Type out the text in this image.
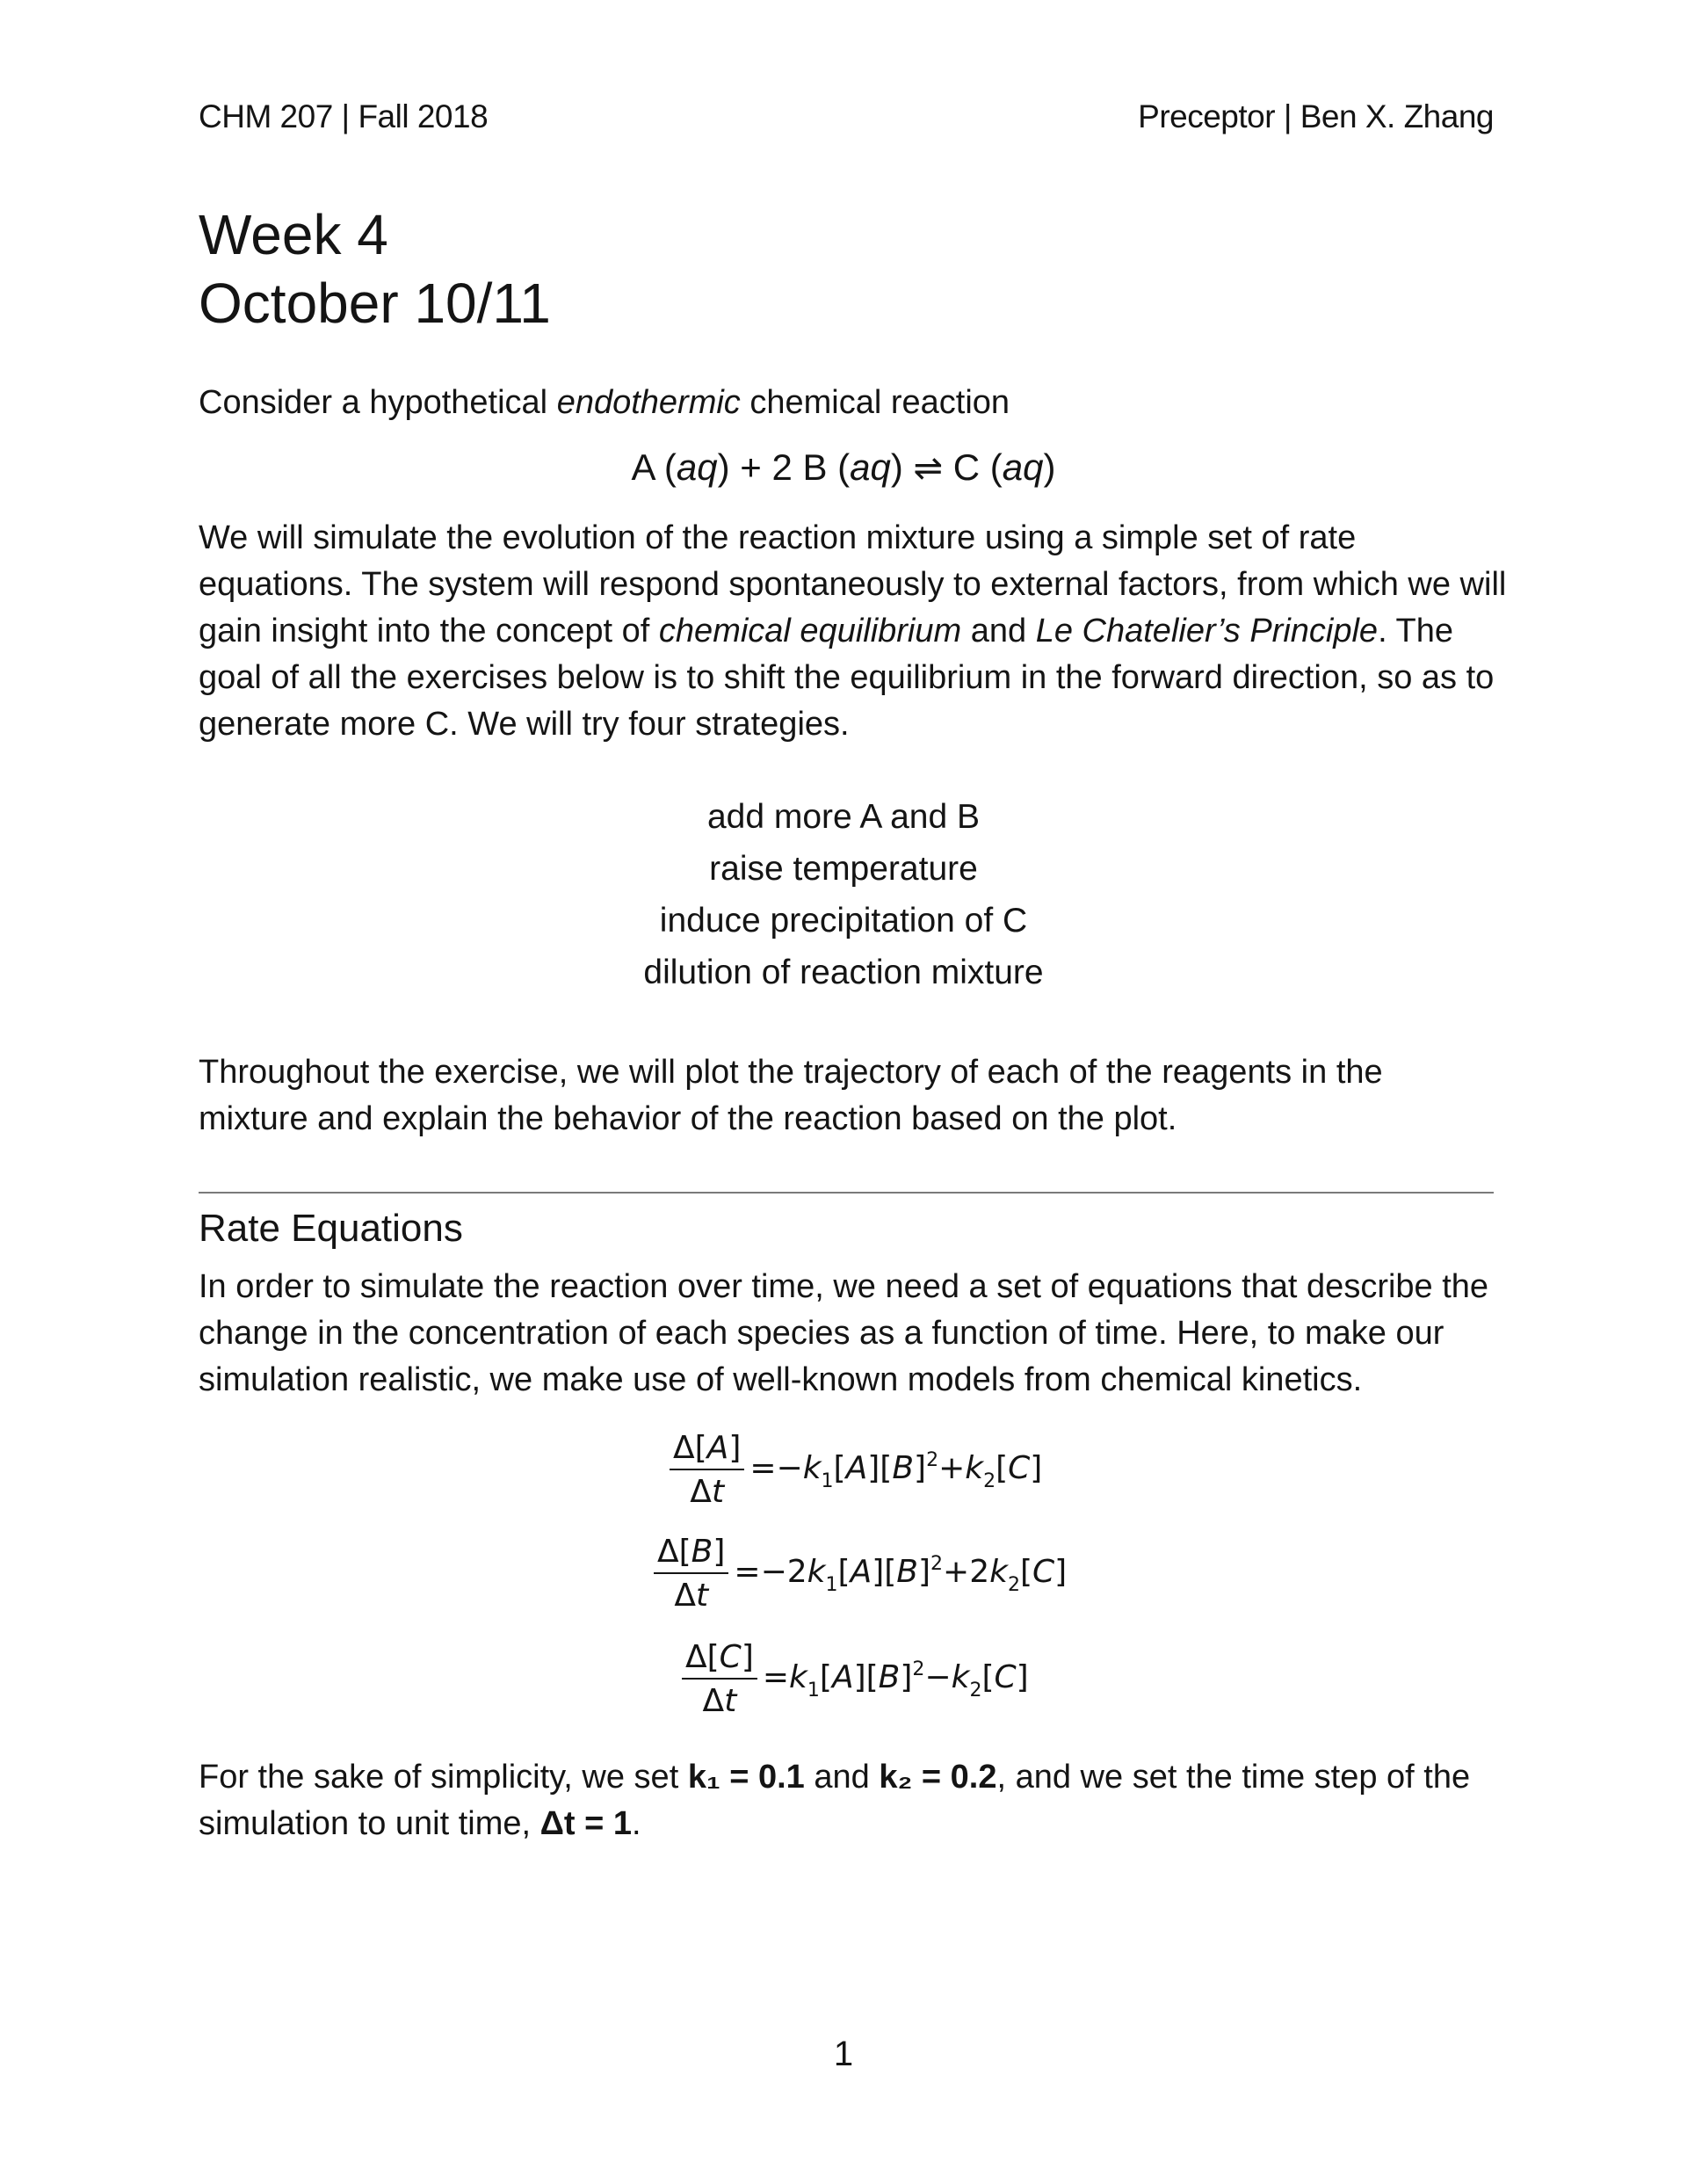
CHM 207 | Fall 2018	Preceptor | Ben X. Zhang
Week 4
October 10/11

Consider a hypothetical endothermic chemical reaction

A (aq) + 2 B (aq) ⇌ C (aq)

We will simulate the evolution of the reaction mixture using a simple set of rate equations. The system will respond spontaneously to external factors, from which we will gain insight into the concept of chemical equilibrium and Le Chatelier’s Principle. The goal of all the exercises below is to shift the equilibrium in the forward direction, so as to generate more C. We will try four strategies.

add more A and B
raise temperature
induce precipitation of C
dilution of reaction mixture

Throughout the exercise, we will plot the trajectory of each of the reagents in the mixture and explain the behavior of the reaction based on the plot.

Rate Equations

In order to simulate the reaction over time, we need a set of equations that describe the change in the concentration of each species as a function of time. Here, to make our simulation realistic, we make use of well-known models from chemical kinetics.

$\frac{\Delta[A]}{\Delta t} =-k_1[A][B]^2+k_2[C]$
$\frac{\Delta[B]}{\Delta t} =-2k_1[A][B]^2+2k_2[C]$
$\frac{\Delta[C]}{\Delta t} =k_1[A][B]^2-k_2[C]$

For the sake of simplicity, we set k₁ = 0.1 and k₂ = 0.2, and we set the time step of the simulation to unit time, Δt = 1.

1
